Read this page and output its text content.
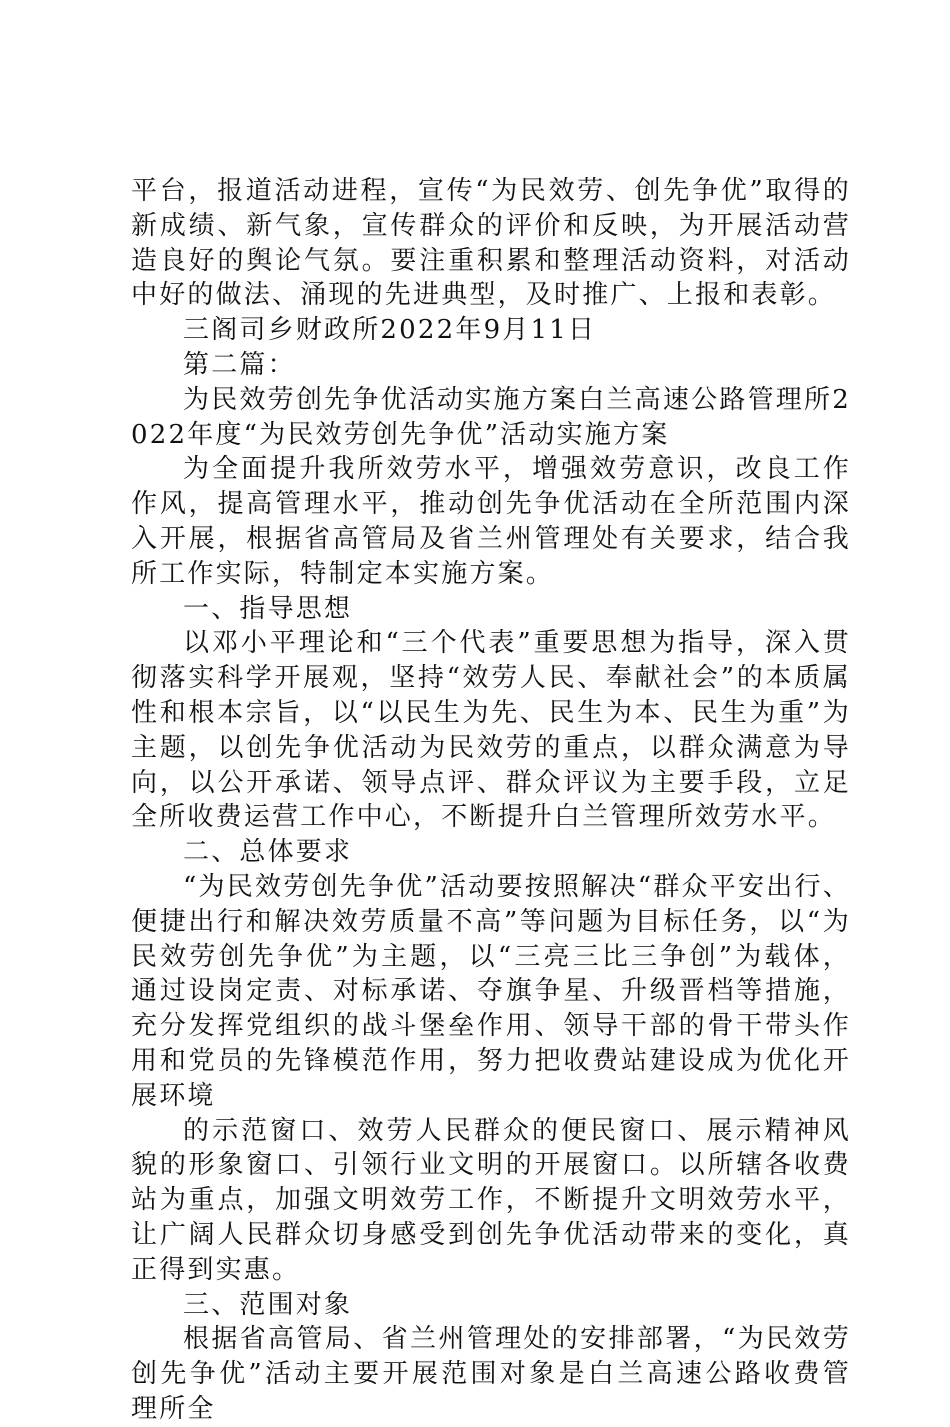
平台，报道活动进程，宣传“为民效劳、创先争优”取得的新成绩、新气象，宣传群众的评价和反映，为开展活动营造良好的舆论气氛。要注重积累和整理活动资料，对活动中好的做法、涌现的先进典型，及时推广、上报和表彰。

三阁司乡财政所2022年9月11日

第二篇：

为民效劳创先争优活动实施方案白兰高速公路管理所2022年度“为民效劳创先争优”活动实施方案

为全面提升我所效劳水平，增强效劳意识，改良工作作风，提高管理水平，推动创先争优活动在全所范围内深入开展，根据省高管局及省兰州管理处有关要求，结合我所工作实际，特制定本实施方案。

一、指导思想

以邓小平理论和“三个代表”重要思想为指导，深入贯彻落实科学开展观，坚持“效劳人民、奉献社会”的本质属性和根本宗旨，以“以民生为先、民生为本、民生为重”为主题，以创先争优活动为民效劳的重点，以群众满意为导向，以公开承诺、领导点评、群众评议为主要手段，立足全所收费运营工作中心，不断提升白兰管理所效劳水平。

二、总体要求

“为民效劳创先争优”活动要按照解决“群众平安出行、便捷出行和解决效劳质量不高”等问题为目标任务，以“为民效劳创先争优”为主题，以“三亮三比三争创”为载体，通过设岗定责、对标承诺、夺旗争星、升级晋档等措施，充分发挥党组织的战斗堡垒作用、领导干部的骨干带头作用和党员的先锋模范作用，努力把收费站建设成为优化开展环境

的示范窗口、效劳人民群众的便民窗口、展示精神风貌的形象窗口、引领行业文明的开展窗口。以所辖各收费站为重点，加强文明效劳工作，不断提升文明效劳水平，让广阔人民群众切身感受到创先争优活动带来的变化，真正得到实惠。

三、范围对象

根据省高管局、省兰州管理处的安排部署，“为民效劳创先争优”活动主要开展范围对象是白兰高速公路收费管理所全
